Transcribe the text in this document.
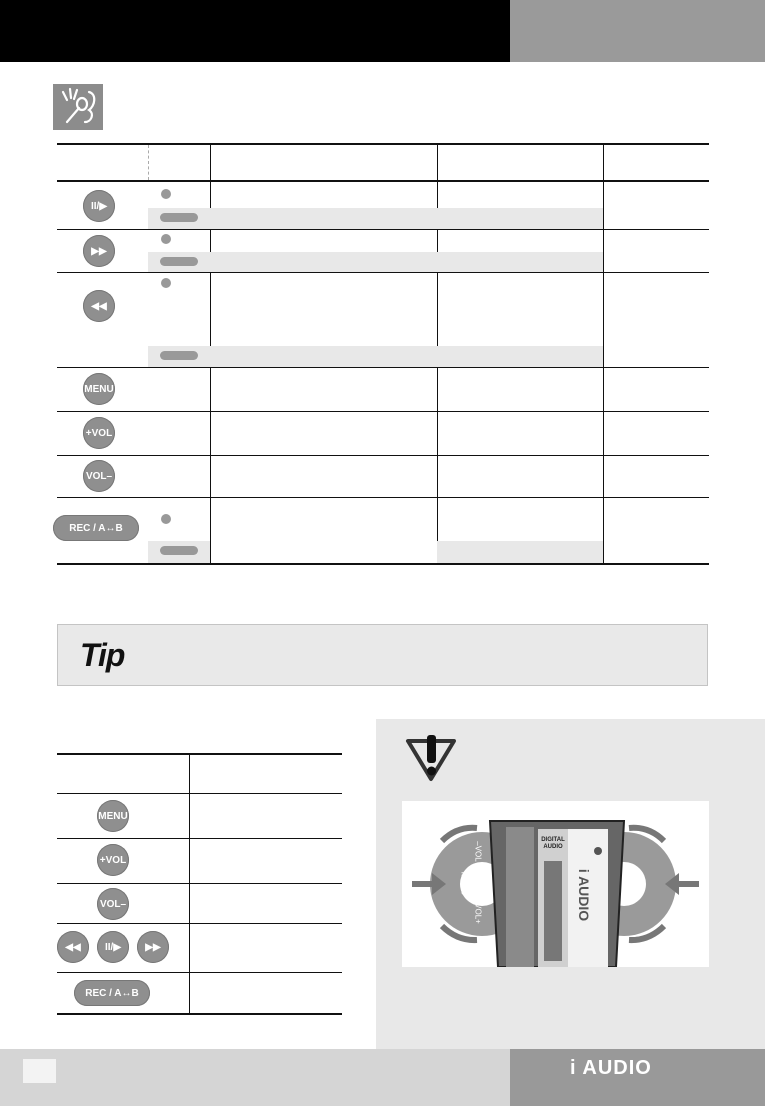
II/▶
▶▶
◀◀
MENU
+VOL
VOL–
REC / A↔B
Tip
MENU
+VOL
VOL–
◀◀ II/▶ ▶▶
REC / A↔B
DIGITAL AUDIO
i AUDIO
–VOL
MENU
VOL+
i AUDIO
